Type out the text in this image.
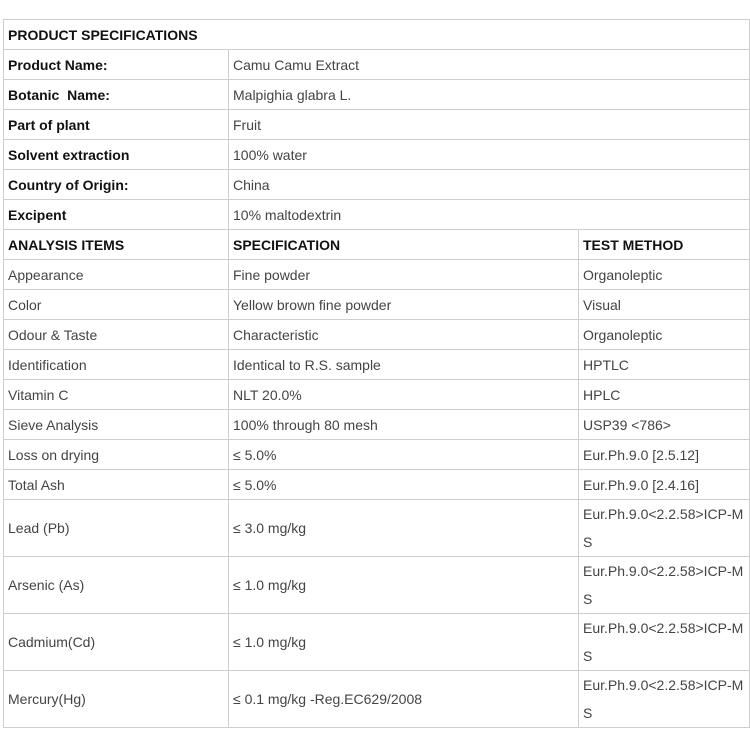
PRODUCT SPECIFICATIONS		
Product Name:	Camu Camu Extract	
Botanic  Name:	Malpighia glabra L.	
Part of plant	Fruit	
Solvent extraction	100% water	
Country of Origin:	China	
Excipent	10% maltodextrin	
ANALYSIS ITEMS	SPECIFICATION	TEST METHOD
Appearance	Fine powder	Organoleptic
Color	Yellow brown fine powder	Visual
Odour & Taste	Characteristic	Organoleptic
Identification	Identical to R.S. sample	HPTLC
Vitamin C	NLT 20.0%	HPLC
Sieve Analysis	100% through 80 mesh	USP39 <786>
Loss on drying	≤ 5.0%	Eur.Ph.9.0 [2.5.12]
Total Ash	≤ 5.0%	Eur.Ph.9.0 [2.4.16]
Lead (Pb)	≤ 3.0 mg/kg	Eur.Ph.9.0<2.2.58>ICP-MS
Arsenic (As)	≤ 1.0 mg/kg	Eur.Ph.9.0<2.2.58>ICP-MS
Cadmium(Cd)	≤ 1.0 mg/kg	Eur.Ph.9.0<2.2.58>ICP-MS
Mercury(Hg)	≤ 0.1 mg/kg -Reg.EC629/2008	Eur.Ph.9.0<2.2.58>ICP-MS
